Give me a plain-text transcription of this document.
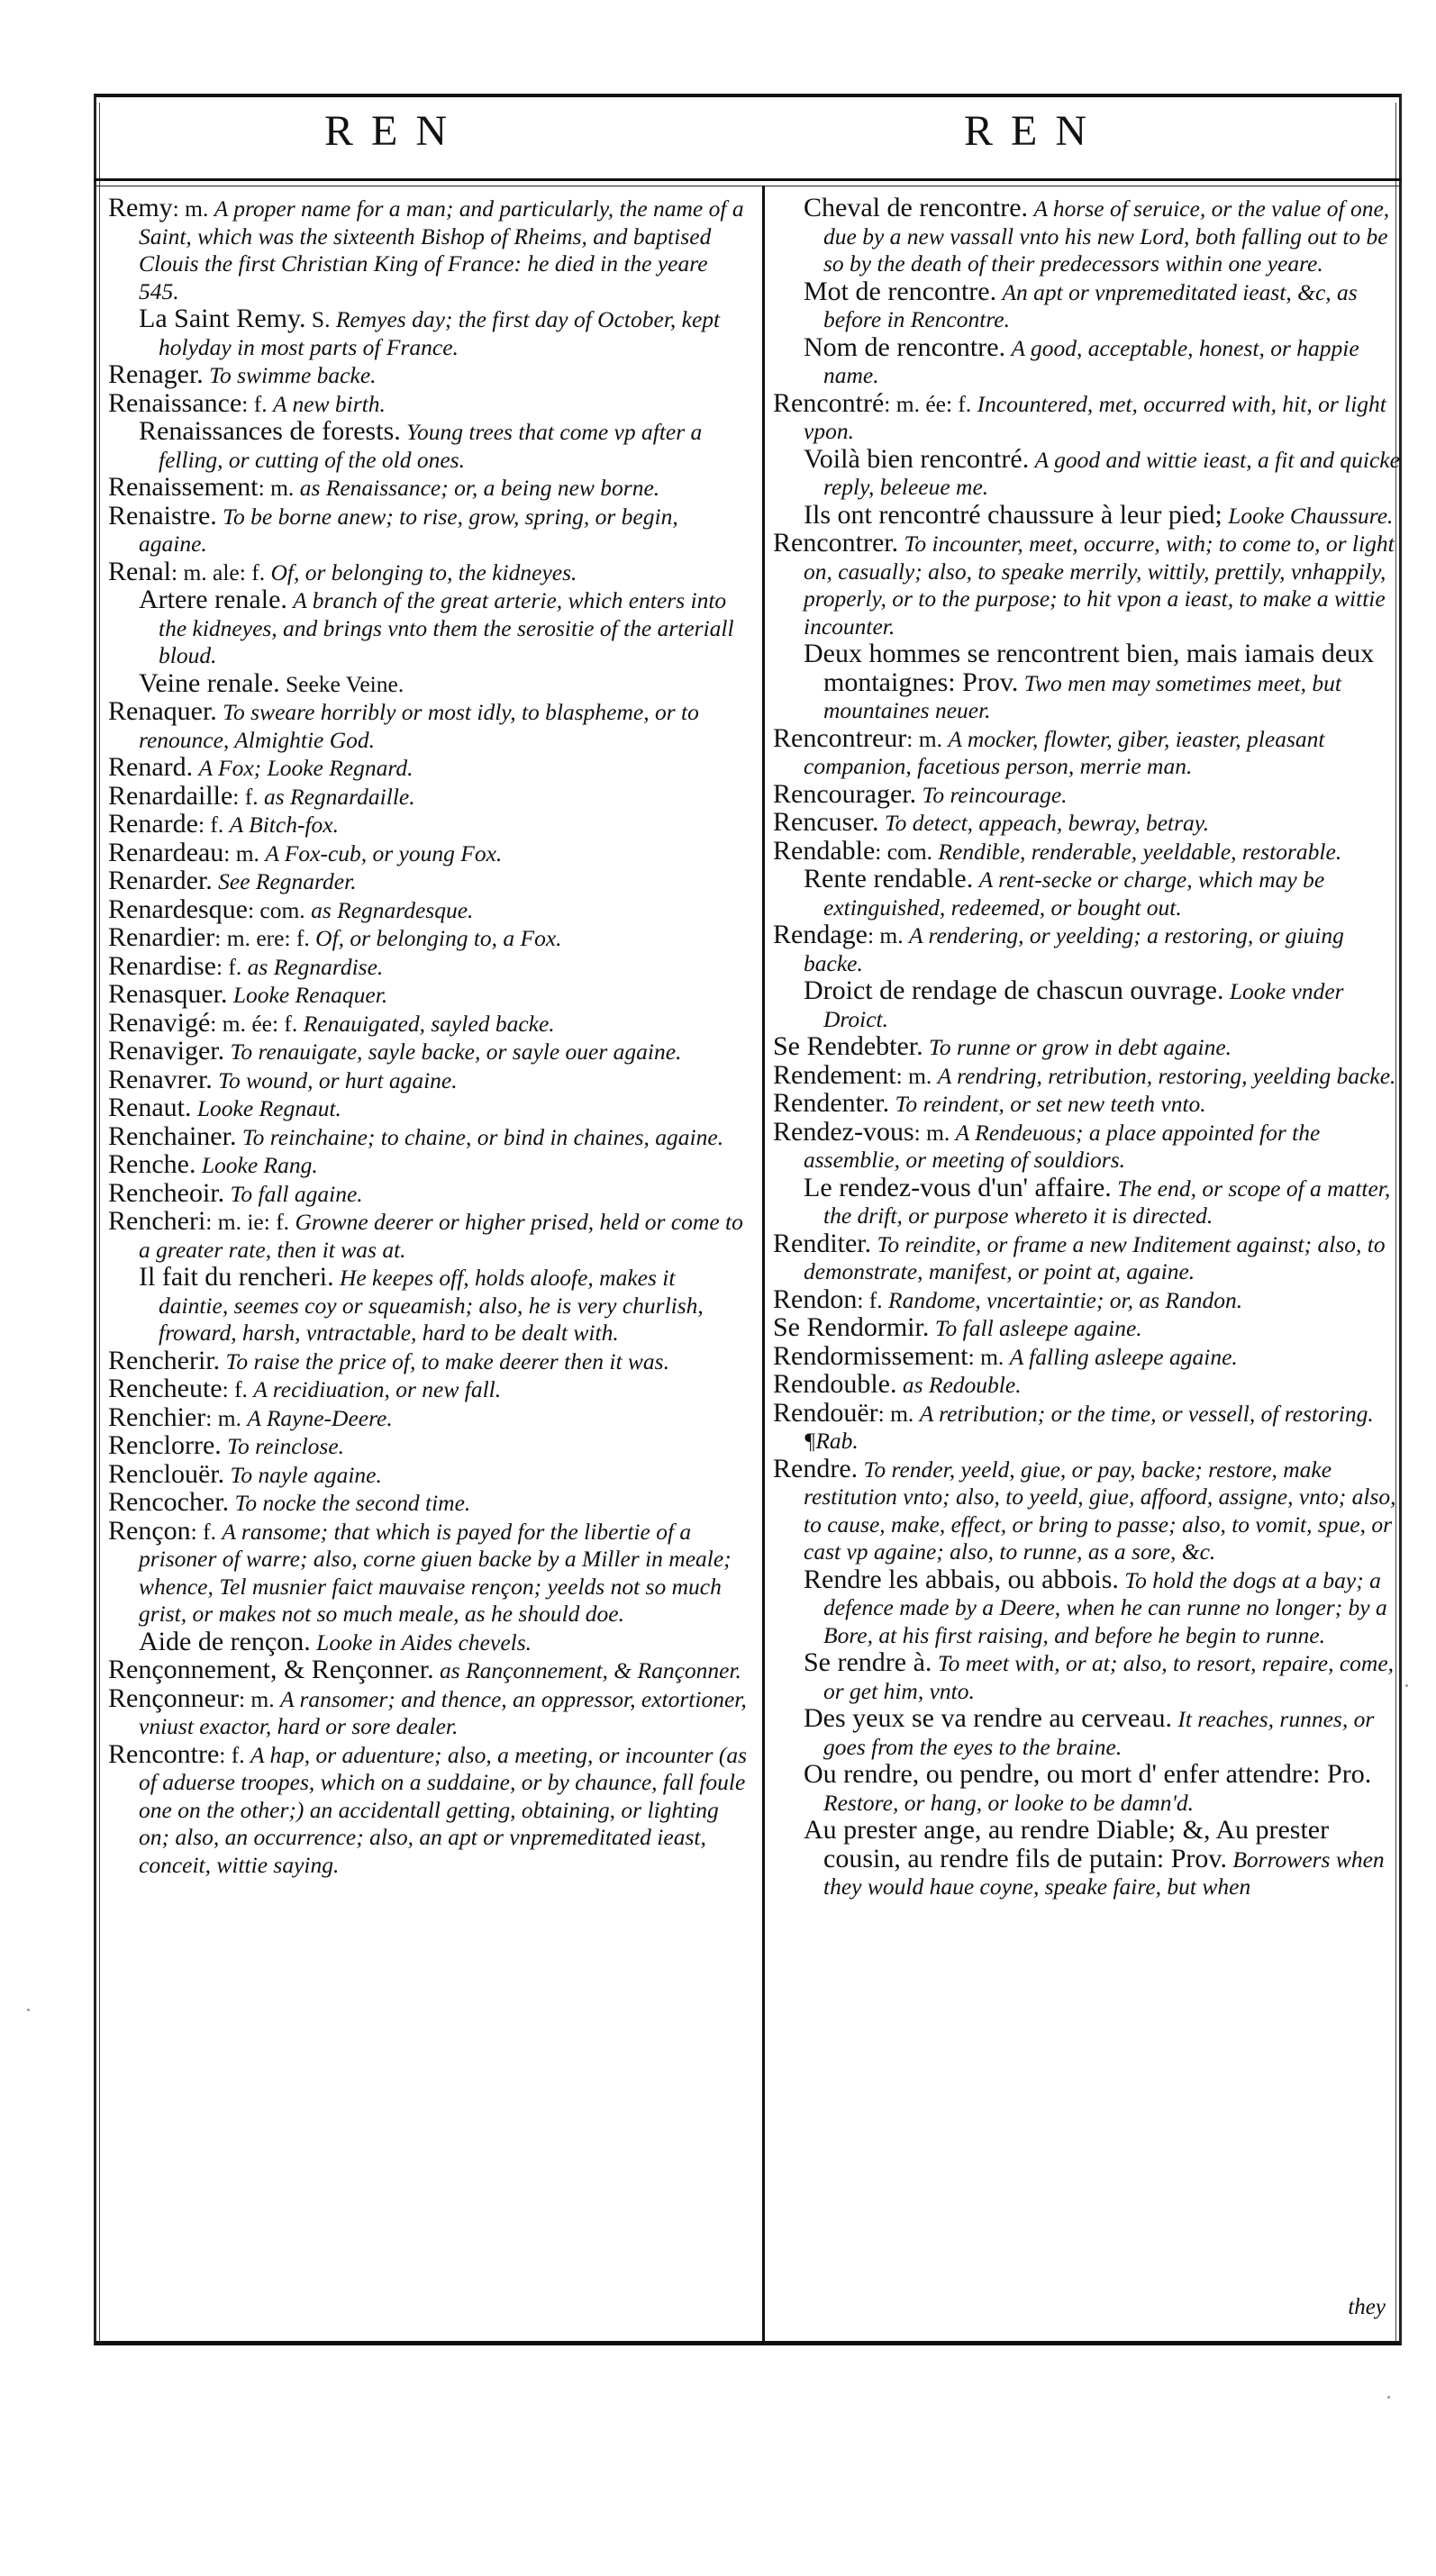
REN	REN

Remy: m. A proper name for a man; and particularly, the name of a Saint, which was the sixteenth Bishop of Rheims, and baptised Clouis the first Christian King of France: he died in the yeare 545.

La Saint Remy. S. Remyes day; the first day of October, kept holyday in most parts of France.

Renager. To swimme backe.

Renaissance: f. A new birth.

Renaissances de forests. Young trees that come vp after a felling, or cutting of the old ones.

Renaissement: m. as Renaissance; or, a being new borne.

Renaistre. To be borne anew; to rise, grow, spring, or begin, againe.

Renal: m. ale: f. Of, or belonging to, the kidneyes.

Artere renale. A branch of the great arterie, which enters into the kidneyes, and brings vnto them the serositie of the arteriall bloud.

Veine renale. Seeke Veine.

Renaquer. To sweare horribly or most idly, to blaspheme, or to renounce, Almightie God.

Renard. A Fox; Looke Regnard.

Renardaille: f. as Regnardaille.

Renarde: f. A Bitch-fox.

Renardeau: m. A Fox-cub, or young Fox.

Renarder. See Regnarder.

Renardesque: com. as Regnardesque.

Renardier: m. ere: f. Of, or belonging to, a Fox.

Renardise: f. as Regnardise.

Renasquer. Looke Renaquer.

Renavigé: m. ée: f. Renauigated, sayled backe.

Renaviger. To renauigate, sayle backe, or sayle ouer againe.

Renavrer. To wound, or hurt againe.

Renaut. Looke Regnaut.

Renchainer. To reinchaine; to chaine, or bind in chaines, againe.

Renche. Looke Rang.

Rencheoir. To fall againe.

Rencheri: m. ie: f. Growne deerer or higher prised, held or come to a greater rate, then it was at.

Il fait du rencheri. He keepes off, holds aloofe, makes it daintie, seemes coy or squeamish; also, he is very churlish, froward, harsh, vntractable, hard to be dealt with.

Rencherir. To raise the price of, to make deerer then it was.

Rencheute: f. A recidiuation, or new fall.

Renchier: m. A Rayne-Deere.

Renclorre. To reinclose.

Renclouër. To nayle againe.

Rencocher. To nocke the second time.

Rençon: f. A ransome; that which is payed for the libertie of a prisoner of warre; also, corne giuen backe by a Miller in meale; whence, Tel musnier faict mauvaise rençon; yeelds not so much grist, or makes not so much meale, as he should doe.

Aide de rençon. Looke in Aides chevels.

Rençonnement, & Rençonner. as Rançonnement, & Rançonner.

Rençonneur: m. A ransomer; and thence, an oppressor, extortioner, vniust exactor, hard or sore dealer.

Rencontre: f. A hap, or aduenture; also, a meeting, or incounter (as of aduerse troopes, which on a suddaine, or by chaunce, fall foule one on the other;) an accidentall getting, obtaining, or lighting on; also, an occurrence; also, an apt or vnpremeditated ieast, conceit, wittie saying.

Cheval de rencontre. A horse of seruice, or the value of one, due by a new vassall vnto his new Lord, both falling out to be so by the death of their predecessors within one yeare.

Mot de rencontre. An apt or vnpremeditated ieast, &c, as before in Rencontre.

Nom de rencontre. A good, acceptable, honest, or happie name.

Rencontré: m. ée: f. Incountered, met, occurred with, hit, or light vpon.

Voilà bien rencontré. A good and wittie ieast, a fit and quicke reply, beleeue me.

Ils ont rencontré chaussure à leur pied; Looke Chaussure.

Rencontrer. To incounter, meet, occurre, with; to come to, or light on, casually; also, to speake merrily, wittily, prettily, vnhappily, properly, or to the purpose; to hit vpon a ieast, to make a wittie incounter.

Deux hommes se rencontrent bien, mais iamais deux montaignes: Prov. Two men may sometimes meet, but mountaines neuer.

Rencontreur: m. A mocker, flowter, giber, ieaster, pleasant companion, facetious person, merrie man.

Rencourager. To reincourage.

Rencuser. To detect, appeach, bewray, betray.

Rendable: com. Rendible, renderable, yeeldable, restorable.

Rente rendable. A rent-secke or charge, which may be extinguished, redeemed, or bought out.

Rendage: m. A rendering, or yeelding; a restoring, or giuing backe.

Droict de rendage de chascun ouvrage. Looke vnder Droict.

Se Rendebter. To runne or grow in debt againe.

Rendement: m. A rendring, retribution, restoring, yeelding backe.

Rendenter. To reindent, or set new teeth vnto.

Rendez-vous: m. A Rendeuous; a place appointed for the assemblie, or meeting of souldiors.

Le rendez-vous d'un' affaire. The end, or scope of a matter, the drift, or purpose whereto it is directed.

Renditer. To reindite, or frame a new Inditement against; also, to demonstrate, manifest, or point at, againe.

Rendon: f. Randome, vncertaintie; or, as Randon.

Se Rendormir. To fall asleepe againe.

Rendormissement: m. A falling asleepe againe.

Rendouble. as Redouble.

Rendouër: m. A retribution; or the time, or vessell, of restoring. ¶Rab.

Rendre. To render, yeeld, giue, or pay, backe; restore, make restitution vnto; also, to yeeld, giue, affoord, assigne, vnto; also, to cause, make, effect, or bring to passe; also, to vomit, spue, or cast vp againe; also, to runne, as a sore, &c.

Rendre les abbais, ou abbois. To hold the dogs at a bay; a defence made by a Deere, when he can runne no longer; by a Bore, at his first raising, and before he begin to runne.

Se rendre à. To meet with, or at; also, to resort, repaire, come, or get him, vnto.

Des yeux se va rendre au cerveau. It reaches, runnes, or goes from the eyes to the braine.

Ou rendre, ou pendre, ou mort d' enfer attendre: Pro. Restore, or hang, or looke to be damn'd.

Au prester ange, au rendre Diable; &, Au prester cousin, au rendre fils de putain: Prov. Borrowers when they would haue coyne, speake faire, but when

they
